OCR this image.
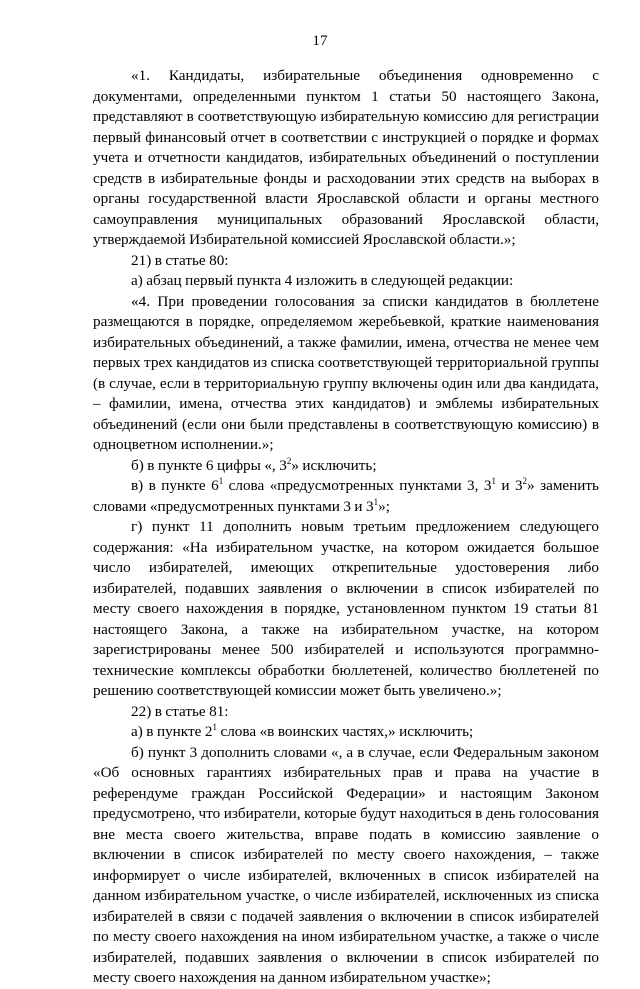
17

«1. Кандидаты, избирательные объединения одновременно с документами, определенными пунктом 1 статьи 50 настоящего Закона, представляют в соответствующую избирательную комиссию для регистрации первый финансовый отчет в соответствии с инструкцией о порядке и формах учета и отчетности кандидатов, избирательных объединений о поступлении средств в избирательные фонды и расходовании этих средств на выборах в органы государственной власти Ярославской области и органы местного самоуправления муниципальных образований Ярославской области, утверждаемой Избирательной комиссией Ярославской области.»;

21) в статье 80:

а) абзац первый пункта 4 изложить в следующей редакции:

«4. При проведении голосования за списки кандидатов в бюллетене размещаются в порядке, определяемом жеребьевкой, краткие наименования избирательных объединений, а также фамилии, имена, отчества не менее чем первых трех кандидатов из списка соответствующей территориальной группы (в случае, если в территориальную группу включены один или два кандидата, – фамилии, имена, отчества этих кандидатов) и эмблемы избирательных объединений (если они были представлены в соответствующую комиссию) в одноцветном исполнении.»;

б) в пункте 6 цифры «, $3^2$» исключить;

в) в пункте $6^1$ слова «предусмотренных пунктами 3, $3^1$ и $3^2$» заменить словами «предусмотренных пунктами 3 и $3^1$»;

г) пункт 11 дополнить новым третьим предложением следующего содержания: «На избирательном участке, на котором ожидается большое число избирателей, имеющих открепительные удостоверения либо избирателей, подавших заявления о включении в список избирателей по месту своего нахождения в порядке, установленном пунктом 19 статьи 81 настоящего Закона, а также на избирательном участке, на котором зарегистрированы менее 500 избирателей и используются программно-технические комплексы обработки бюллетеней, количество бюллетеней по решению соответствующей комиссии может быть увеличено.»;

22) в статье 81:

а) в пункте $2^1$ слова «в воинских частях,» исключить;

б) пункт 3 дополнить словами «, а в случае, если Федеральным законом «Об основных гарантиях избирательных прав и права на участие в референдуме граждан Российской Федерации» и настоящим Законом предусмотрено, что избиратели, которые будут находиться в день голосования вне места своего жительства, вправе подать в комиссию заявление о включении в список избирателей по месту своего нахождения, – также информирует о числе избирателей, включенных в список избирателей на данном избирательном участке, о числе избирателей, исключенных из списка избирателей в связи с подачей заявления о включении в список избирателей по месту своего нахождения на ином избирательном участке, а также о числе избирателей, подавших заявления о включении в список избирателей по месту своего нахождения на данном избирательном участке»;
